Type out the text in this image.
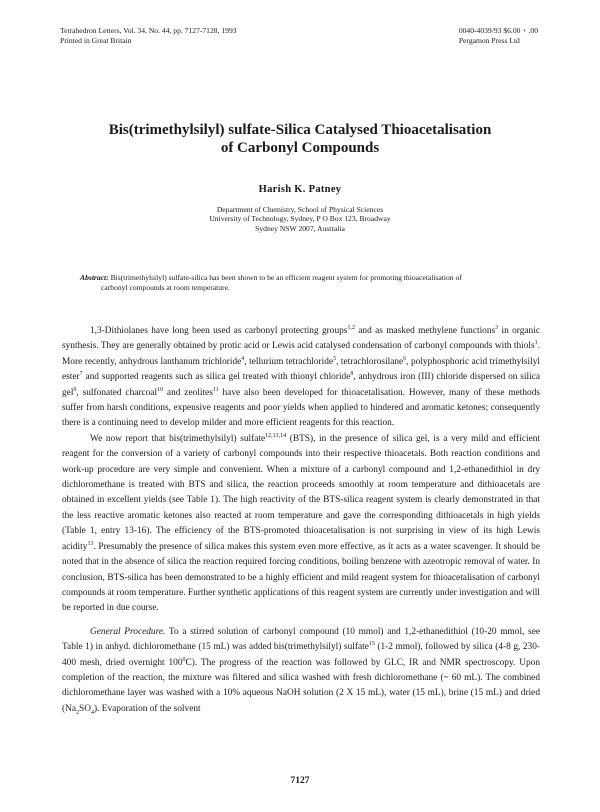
Tetrahedron Letters, Vol. 34, No. 44, pp. 7127-7128, 1993
Printed in Great Britain
0040-4039/93 $6.00 + .00
Pergamon Press Ltd
Bis(trimethylsilyl) sulfate-Silica Catalysed Thioacetalisation
of Carbonyl Compounds
Harish K. Patney
Department of Chemistry, School of Physical Sciences
University of Technology, Sydney, P O Box 123, Broadway
Sydney NSW 2007, Australia
Abstract: Bis(trimethylsilyl) sulfate-silica has been shown to be an efficient reagent system for promoting thioacetalisation of
carbonyl compounds at room temperature.

1,3-Dithiolanes have long been used as carbonyl protecting groups$^{1,2}$ and as masked methylene functions$^3$ in organic synthesis. They are generally obtained by protic acid or Lewis acid catalysed condensation of carbonyl compounds with thiols$^1$. More recently, anhydrous lanthanum trichloride$^4$, tellurium tetrachloride$^5$, tetrachlorosilane$^6$, polyphosphoric acid trimethylsilyl ester$^7$ and supported reagents such as silica gel treated with thionyl chloride$^8$, anhydrous iron (III) chloride dispersed on silica gel$^9$, sulfonated charcoal$^{10}$ and zeolites$^{11}$ have also been developed for thioacetalisation. However, many of these methods suffer from harsh conditions, expensive reagents and poor yields when applied to hindered and aromatic ketones; consequently there is a continuing need to develop milder and more efficient reagents for this reaction.

We now report that bis(trimethylsilyl) sulfate$^{12,13,14}$ (BTS), in the presence of silica gel, is a very mild and efficient reagent for the conversion of a variety of carbonyl compounds into their respective thioacetals. Both reaction conditions and work-up procedure are very simple and convenient. When a mixture of a carbonyl compound and 1,2-ethanedithiol in dry dichloromethane is treated with BTS and silica, the reaction proceeds smoothly at room temperature and dithioacetals are obtained in excellent yields (see Table 1). The high reactivity of the BTS-silica reagent system is clearly demonstrated in that the less reactive aromatic ketones also reacted at room temperature and gave the corresponding dithioacetals in high yields (Table 1, entry 13-16). The efficiency of the BTS-promoted thioacetalisation is not surprising in view of its high Lewis acidity$^{13}$. Presumably the presence of silica makes this system even more effective, as it acts as a water scavenger. It should be noted that in the absence of silica the reaction required forcing conditions, boiling benzene with azeotropic removal of water. In conclusion, BTS-silica has been demonstrated to be a highly efficient and mild reagent system for thioacetalisation of carbonyl compounds at room temperature. Further synthetic applications of this reagent system are currently under investigation and will be reported in due course.

General Procedure. To a stirred solution of carbonyl compound (10 mmol) and 1,2-ethanedithiol (10-20 mmol, see Table 1) in anhyd. dichloromethane (15 mL) was added bis(trimethylsilyl) sulfate$^{15}$ (1-2 mmol), followed by silica (4-8 g, 230-400 mesh, dried overnight $100^0C$). The progress of the reaction was followed by GLC, IR and NMR spectroscopy. Upon completion of the reaction, the mixture was filtered and silica washed with fresh dichloromethane (~ 60 mL). The combined dichloromethane layer was washed with a 10% aqueous NaOH solution (2 X 15 mL), water (15 mL), brine (15 mL) and dried $(Na_2SO_4)$. Evaporation of the solvent

7127
